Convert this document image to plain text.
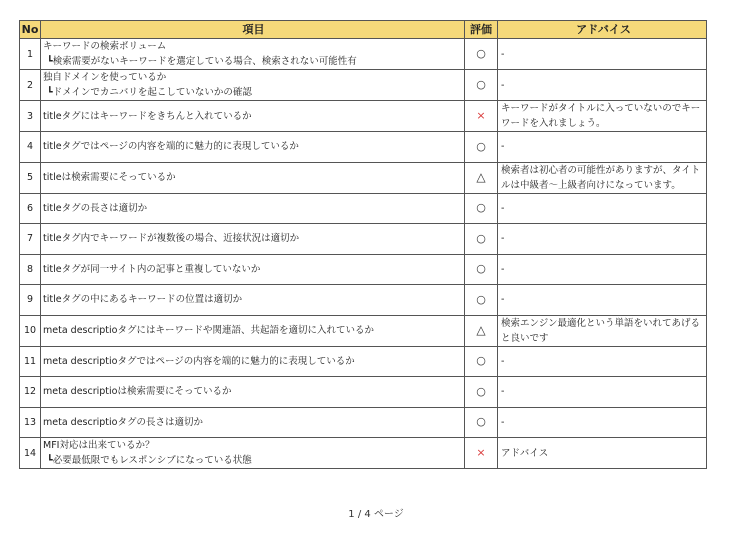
No	項目	評価	アドバイス
1	キーワードの検索ボリューム
┗検索需要がないキーワードを選定している場合、検索されない可能性有	○	-
2	独自ドメインを使っているか
┗ドメインでカニバリを起こしていないかの確認	○	-
3	titleタグにはキーワードをきちんと入れているか	×	キーワードがタイトルに入っていないのでキーワードを入れましょう。
4	titleタグではページの内容を端的に魅力的に表現しているか	○	-
5	titleは検索需要にそっているか	△	検索者は初心者の可能性がありますが、タイトルは中級者～上級者向けになっています。
6	titleタグの長さは適切か	○	-
7	titleタグ内でキーワードが複数後の場合、近接状況は適切か	○	-
8	titleタグが同一サイト内の記事と重複していないか	○	-
9	titleタグの中にあるキーワードの位置は適切か	○	-
10	meta descriptioタグにはキーワードや関連語、共起語を適切に入れているか	△	検索エンジン最適化という単語をいれてあげると良いです
11	meta descriptioタグではページの内容を端的に魅力的に表現しているか	○	-
12	meta descriptioは検索需要にそっているか	○	-
13	meta descriptioタグの長さは適切か	○	-
14	MFI対応は出来ているか？
┗必要最低限でもレスポンシブになっている状態	×	アドバイス
1 / 4 ページ
